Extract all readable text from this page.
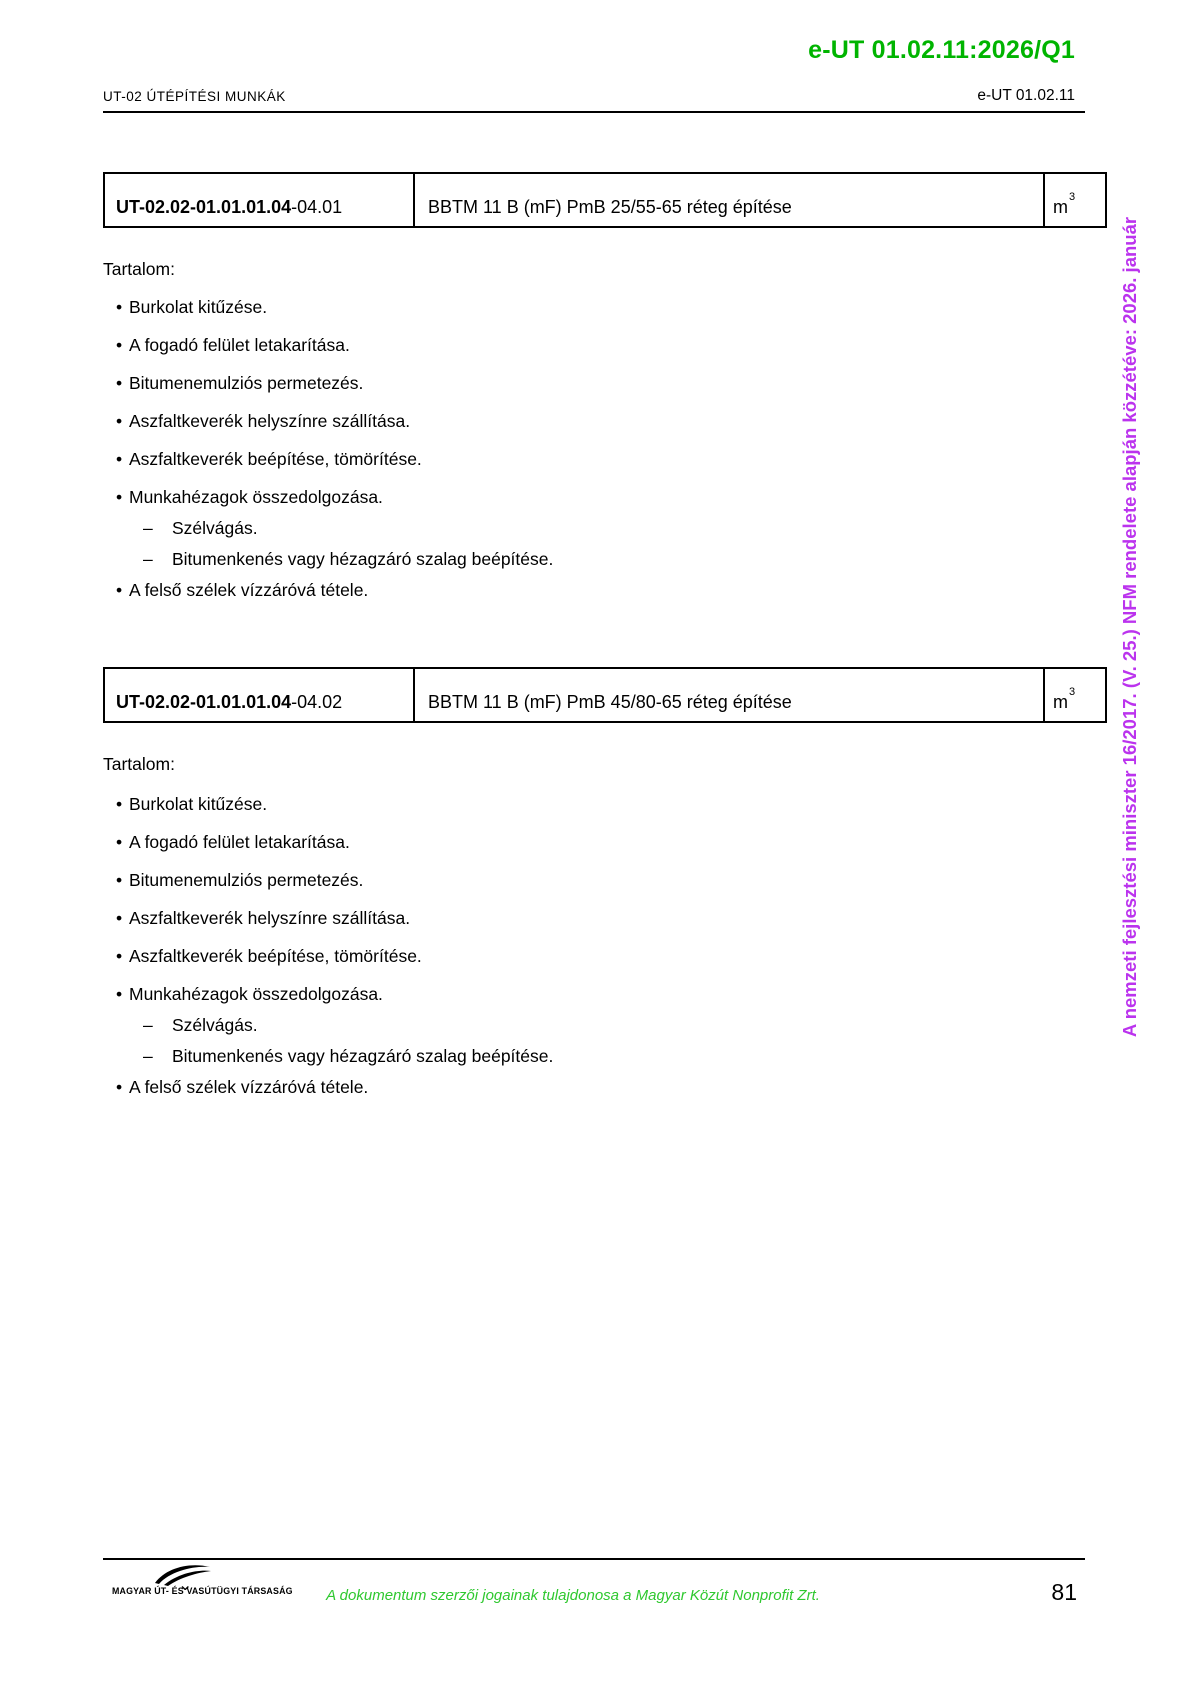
e-UT 01.02.11:2026/Q1
UT-02 ÚTÉPÍTÉSI MUNKÁK	e-UT 01.02.11
UT-02.02-01.01.01.04-04.01	BBTM 11 B (mF) PmB 25/55-65 réteg építése	$m^3$
Tartalom:
• Burkolat kitűzése.
• A fogadó felület letakarítása.
• Bitumenemulziós permetezés.
• Aszfaltkeverék helyszínre szállítása.
• Aszfaltkeverék beépítése, tömörítése.
• Munkahézagok összedolgozása.
–	Szélvágás.
–	Bitumenkenés vagy hézagzáró szalag beépítése.
• A felső szélek vízzáróvá tétele.
UT-02.02-01.01.01.04-04.02	BBTM 11 B (mF) PmB 45/80-65 réteg építése	$m^3$
Tartalom:
• Burkolat kitűzése.
• A fogadó felület letakarítása.
• Bitumenemulziós permetezés.
• Aszfaltkeverék helyszínre szállítása.
• Aszfaltkeverék beépítése, tömörítése.
• Munkahézagok összedolgozása.
–	Szélvágás.
–	Bitumenkenés vagy hézagzáró szalag beépítése.
• A felső szélek vízzáróvá tétele.
A nemzeti fejlesztési miniszter 16/2017. (V. 25.) NFM rendelete alapján közzétéve: 2026. január
MAGYAR ÚT- ÉS VASÚTÜGYI TÁRSASÁG	A dokumentum szerzői jogainak tulajdonosa a Magyar Közút Nonprofit Zrt.	81
